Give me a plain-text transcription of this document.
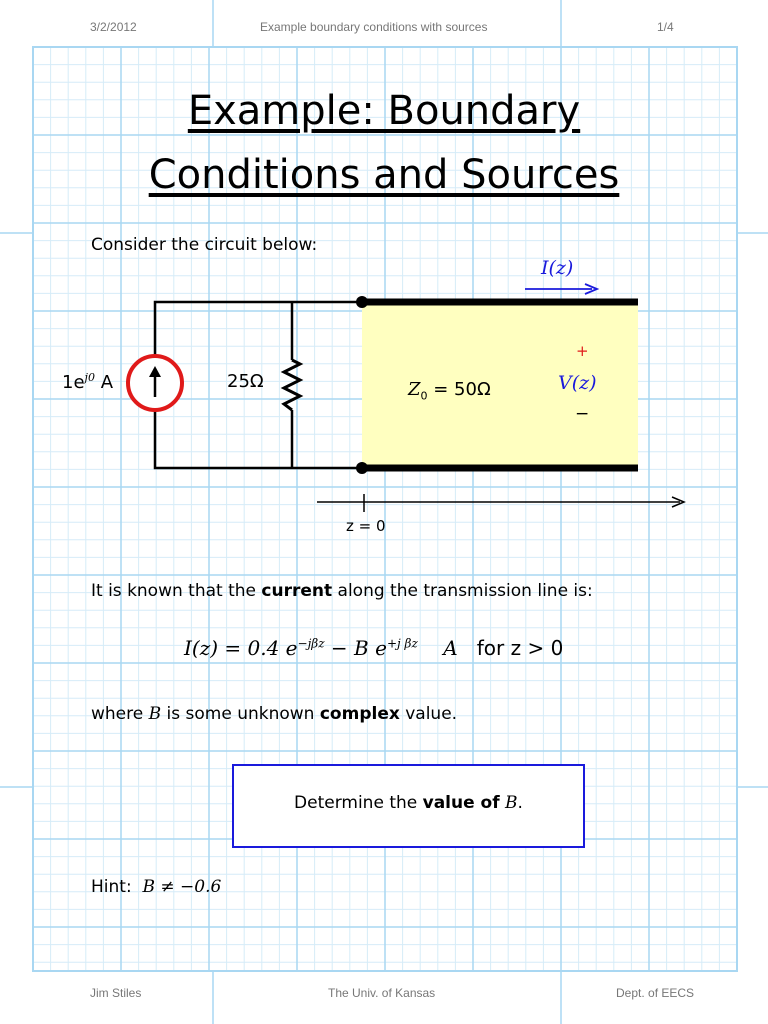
3/2/2012	Example boundary conditions with sources	1/4
Example: Boundary
Conditions and Sources
Consider the circuit below:
$1e^{j0}$ A	25Ω	$Z_0 = 50\Omega$
I(z)
+
V(z)
−
z = 0
It is known that the current along the transmission line is:
I(z) = 0.4 $e^{-j\beta z} - B$ $e^{+j \beta z}$ A for z > 0
where B is some unknown complex value.
Determine the value of B.
Hint: B ≠ −0.6
Jim Stiles	The Univ. of Kansas	Dept. of EECS
